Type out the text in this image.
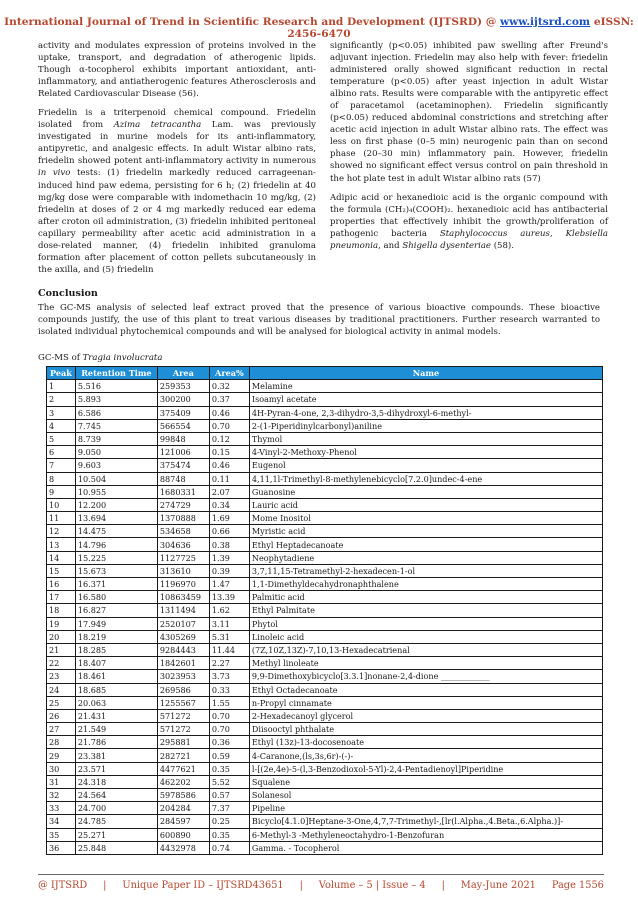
International Journal of Trend in Scientific Research and Development (IJTSRD) @ www.ijtsrd.com eISSN: 2456-6470

activity and modulates expression of proteins involved in the uptake, transport, and degradation of atherogenic lipids. Though α-tocopherol exhibits important antioxidant, anti-inflammatory, and antiatherogenic features Atherosclerosis and Related Cardiovascular Disease (56).

Friedelin is a triterpenoid chemical compound. Friedelin isolated from Azima tetracantha Lam. was previously investigated in murine models for its anti-inflammatory, antipyretic, and analgesic effects. In adult Wistar albino rats, friedelin showed potent anti-inflammatory activity in numerous in vivo tests: (1) friedelin markedly reduced carrageenan-induced hind paw edema, persisting for 6 h; (2) friedelin at 40 mg/kg dose were comparable with indomethacin 10 mg/kg, (2) friedelin at doses of 2 or 4 mg markedly reduced ear edema after croton oil administration, (3) friedelin inhibited peritoneal capillary permeability after acetic acid administration in a dose-related manner, (4) friedelin inhibited granuloma formation after placement of cotton pellets subcutaneously in the axilla, and (5) friedelin

significantly (p<0.05) inhibited paw swelling after Freund's adjuvant injection. Friedelin may also help with fever: friedelin administered orally showed significant reduction in rectal temperature (p<0.05) after yeast injection in adult Wistar albino rats. Results were comparable with the antipyretic effect of paracetamol (acetaminophen). Friedelin significantly (p<0.05) reduced abdominal constrictions and stretching after acetic acid injection in adult Wistar albino rats. The effect was less on first phase (0–5 min) neurogenic pain than on second phase (20–30 min) inflammatory pain. However, friedelin showed no significant effect versus control on pain threshold in the hot plate test in adult Wistar albino rats (57)

Adipic acid or hexanedioic acid is the organic compound with the formula (CH₂)₄(COOH)₂. hexanedioic acid has antibacterial properties that effectively inhibit the growth/proliferation of pathogenic bacteria Staphylococcus aureus, Klebsiella pneumonia, and Shigella dysenteriae (58).

Conclusion

The GC-MS analysis of selected leaf extract proved that the presence of various bioactive compounds. These bioactive compounds justify, the use of this plant to treat various diseases by traditional practitioners. Further research warranted to isolated individual phytochemical compounds and will be analysed for biological activity in animal models.

GC-MS of Tragia involucrata
Peak	Retention Time	Area	Area%	Name
1	5.516	259353	0.32	Melamine
2	5.893	300200	0.37	Isoamyl acetate
3	6.586	375409	0.46	4H-Pyran-4-one, 2,3-dihydro-3,5-dihydroxyl-6-methyl-
4	7.745	566554	0.70	2-(1-Piperidinylcarbonyl)aniline
5	8.739	99848	0.12	Thymol
6	9.050	121006	0.15	4-Vinyl-2-Methoxy-Phenol
7	9.603	375474	0.46	Eugenol
8	10.504	88748	0.11	4,11,1l-Trimethyl-8-methylenebicyclo[7.2.0]undec-4-ene
9	10.955	1680331	2.07	Guanosine
10	12.200	274729	0.34	Lauric acid
11	13.694	1370888	1.69	Mome Inositol
12	14.475	534658	0.66	Myristic acid
13	14.796	304636	0.38	Ethyl Heptadecanoate
14	15.225	1127725	1.39	Neophytadiene
15	15.673	313610	0.39	3,7,11,15-Tetramethyl-2-hexadecen-1-ol
16	16.371	1196970	1.47	1,1-Dimethyldecahydronaphthalene
17	16.580	10863459	13.39	Palmitic acid
18	16.827	1311494	1.62	Ethyl Palmitate
19	17.949	2520107	3.11	Phytol
20	18.219	4305269	5.31	Linoleic acid
21	18.285	9284443	11.44	(7Z,10Z,13Z)-7,10,13-Hexadecatrienal
22	18.407	1842601	2.27	Methyl linoleate
23	18.461	3023953	3.73	9,9-Dimethoxybicyclo[3.3.1]nonane-2,4-dione ____________
24	18.685	269586	0.33	Ethyl Octadecanoate
25	20.063	1255567	1.55	n-Propyl cinnamate
26	21.431	571272	0.70	2-Hexadecanoyl glycerol
27	21.549	571272	0.70	Diisooctyl phthalate
28	21.786	295881	0.36	Ethyl (13z)-13-docosenoate
29	23.381	282721	0.59	4-Caranone,(ls,3s,6r)-(-)-
30	23.571	4477621	0.35	l-[(2e,4e)-5-(l,3-Benzodioxol-5-Yl)-2,4-Pentadienoyl]Piperidine
31	24.318	462202	5.52	Squalene
32	24.564	5978586	0.57	Solanesol
33	24.700	204284	7.37	Pipeline
34	24.785	284597	0.25	Bicyclo[4.1.0]Heptane-3-One,4,7,7-Trimethyl-,[lr(l.Alpha.,4.Beta.,6.Alpha.)]-
35	25.271	600890	0.35	6-Methyl-3 -Methyleneoctahydro-1-Benzofuran
36	25.848	4432978	0.74	Gamma. - Tocopherol
@ IJTSRD | Unique Paper ID – IJTSRD43651 | Volume – 5 | Issue – 4 | May-June 2021 Page 1556
